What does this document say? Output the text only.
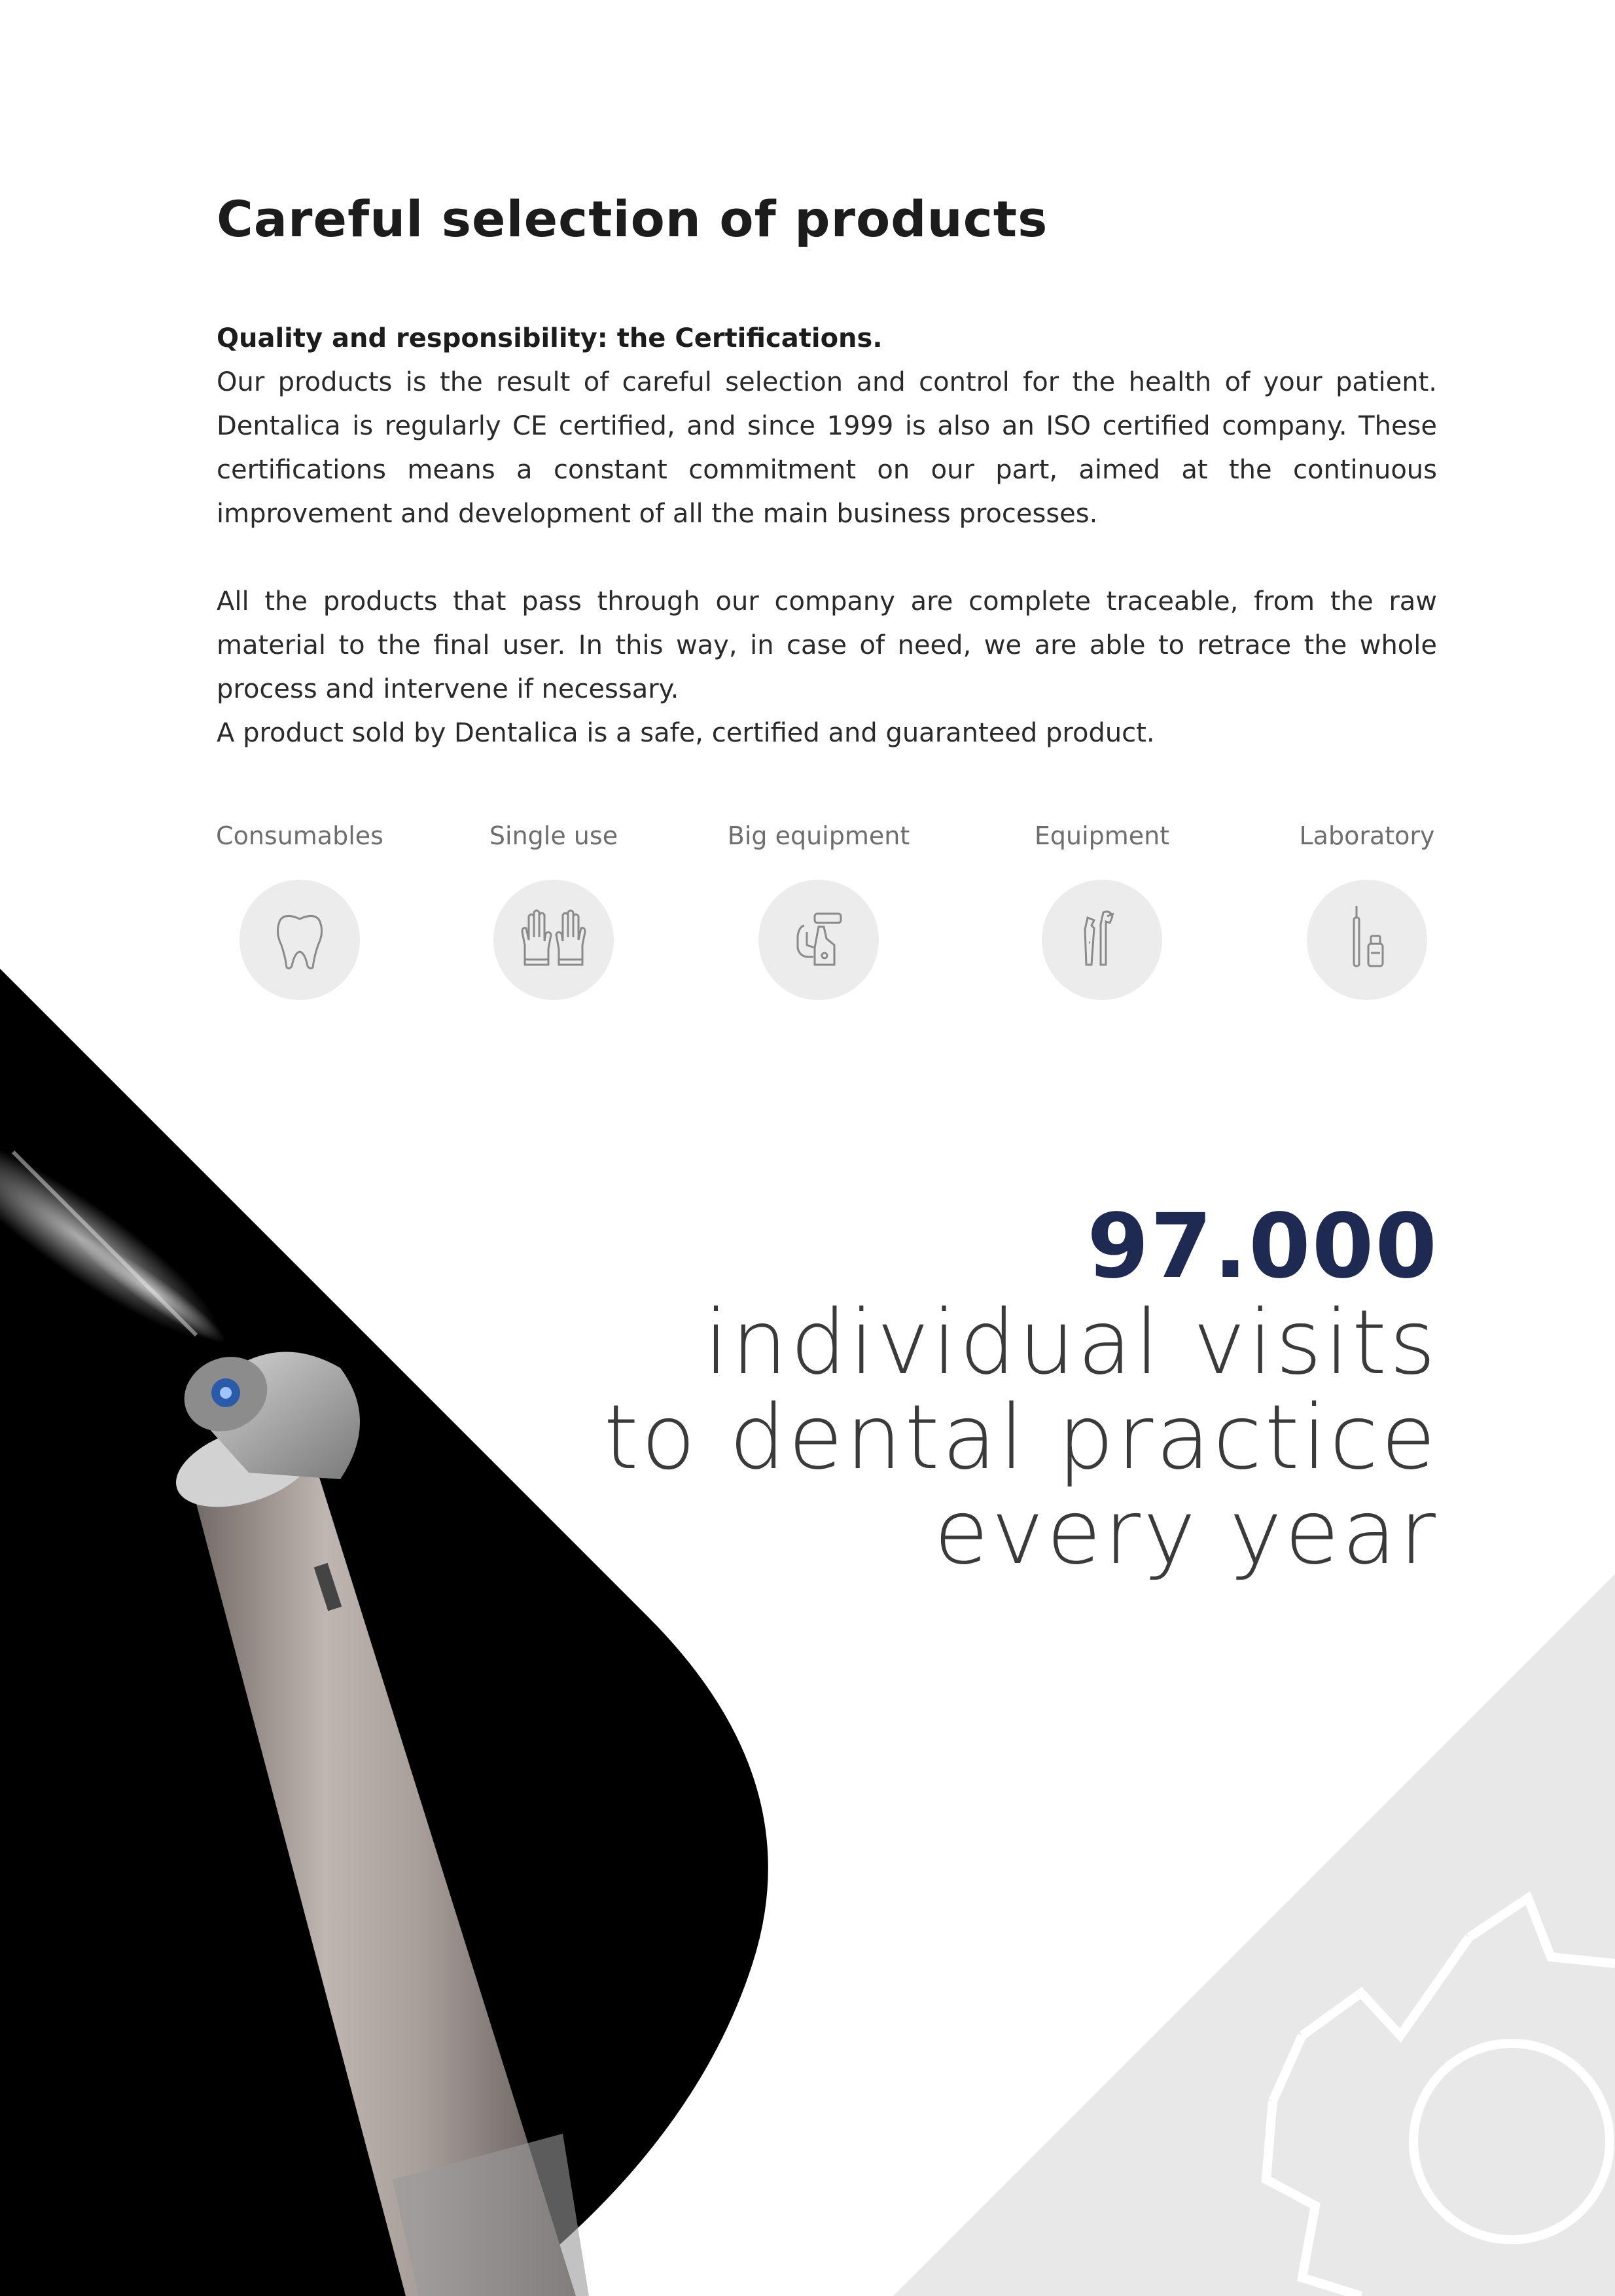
Careful selection of products

Quality and responsibility: the Certifications.

Our products is the result of careful selection and control for the health of your patient. Dentalica is regularly CE certified, and since 1999 is also an ISO certified company. These certifications means a constant commitment on our part, aimed at the continuous improvement and development of all the main business processes.

All the products that pass through our company are complete traceable, from the raw material to the final user. In this way, in case of need, we are able to retrace the whole process and intervene if necessary.

A product sold by Dentalica is a safe, certified and guaranteed product.

Consumables	Single use	Big equipment	Equipment	Laboratory
97.000
individual visits
to dental practice
every year
